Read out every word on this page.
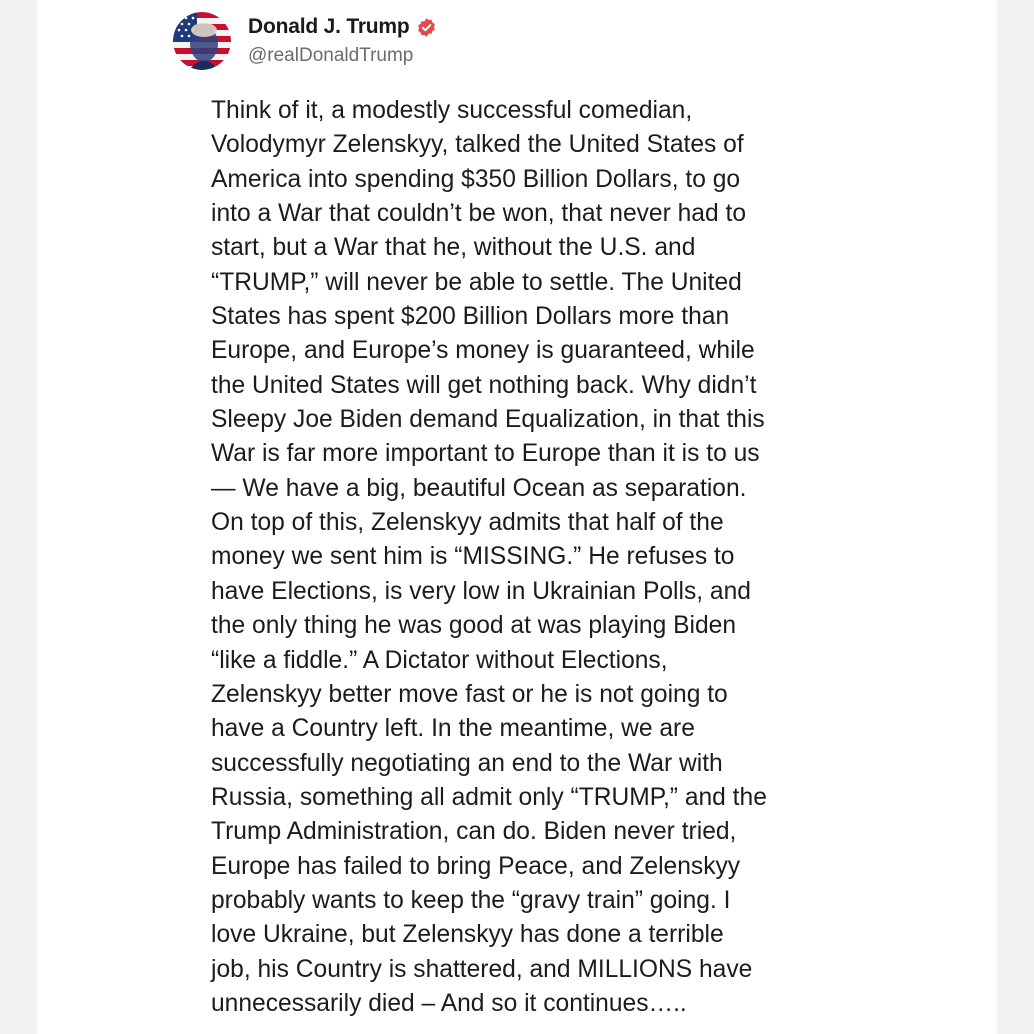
Donald J. Trump
@realDonaldTrump

Think of it, a modestly successful comedian,
Volodymyr Zelenskyy, talked the United States of
America into spending $350 Billion Dollars, to go
into a War that couldn’t be won, that never had to
start, but a War that he, without the U.S. and
“TRUMP,” will never be able to settle. The United
States has spent $200 Billion Dollars more than
Europe, and Europe’s money is guaranteed, while
the United States will get nothing back. Why didn’t
Sleepy Joe Biden demand Equalization, in that this
War is far more important to Europe than it is to us
— We have a big, beautiful Ocean as separation.
On top of this, Zelenskyy admits that half of the
money we sent him is “MISSING.” He refuses to
have Elections, is very low in Ukrainian Polls, and
the only thing he was good at was playing Biden
“like a fiddle.” A Dictator without Elections,
Zelenskyy better move fast or he is not going to
have a Country left. In the meantime, we are
successfully negotiating an end to the War with
Russia, something all admit only “TRUMP,” and the
Trump Administration, can do. Biden never tried,
Europe has failed to bring Peace, and Zelenskyy
probably wants to keep the “gravy train” going. I
love Ukraine, but Zelenskyy has done a terrible
job, his Country is shattered, and MILLIONS have
unnecessarily died – And so it continues…..
